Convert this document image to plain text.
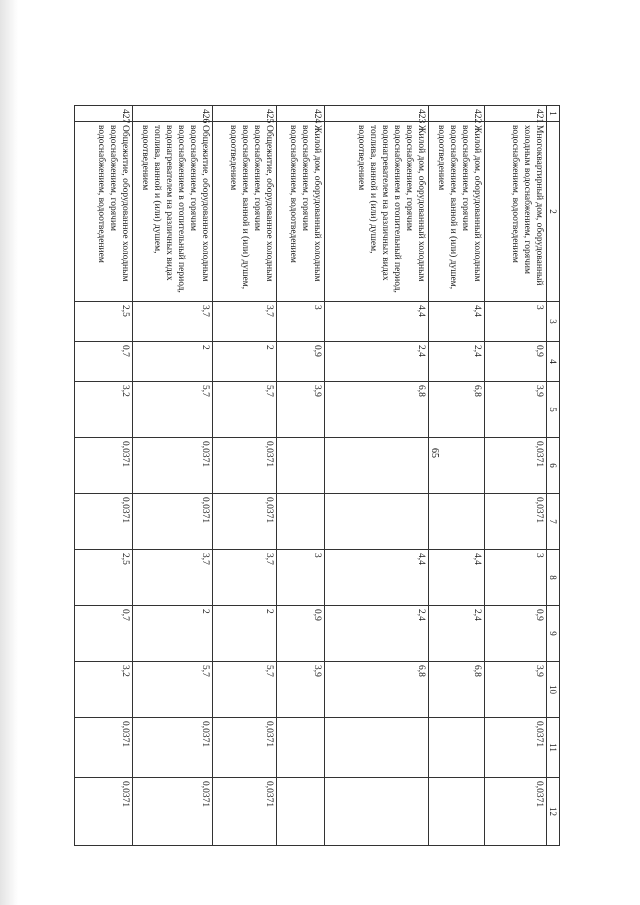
65
1	2	3	4	5	6	7	8	9	10	11	12
421	Многоквартирный дом, оборудованный холодным водоснабжением, горячим водоснабжением, водоотведением	3	0,9	3,9	0,0371	0,0371	3	0,9	3,9	0,0371	0,0371
422	Жилой дом, оборудованный холодным водоснабжением, горячим водоснабжением, ванной и (или) душем, водоотведением	4,4	2,4	6,8			4,4	2,4	6,8		
423	Жилой дом, оборудованный холодным водоснабжением, горячим водоснабжением в отопительный период, водонагревателем на различных видах топлива, ванной и (или) душем, водоотведением	4,4	2,4	6,8			4,4	2,4	6,8		
424	Жилой дом, оборудованный холодным водоснабжением, горячим водоснабжением, водоотведением	3	0,9	3,9			3	0,9	3,9		
425	Общежитие, оборудованное холодным водоснабжением, горячим водоснабжением, ванной и (или) душем, водоотведением	3,7	2	5,7	0,0371	0,0371	3,7	2	5,7	0,0371	0,0371
426	Общежитие, оборудованное холодным водоснабжением, горячим водоснабжением в отопительный период, водонагревателем на различных видах топлива, ванной и (или) душем, водоотведением	3,7	2	5,7	0,0371	0,0371	3,7	2	5,7	0,0371	0,0371
427	Общежитие, оборудованное холодным водоснабжением, горячим водоснабжением, водоотведением	2,5	0,7	3,2	0,0371	0,0371	2,5	0,7	3,2	0,0371	0,0371
